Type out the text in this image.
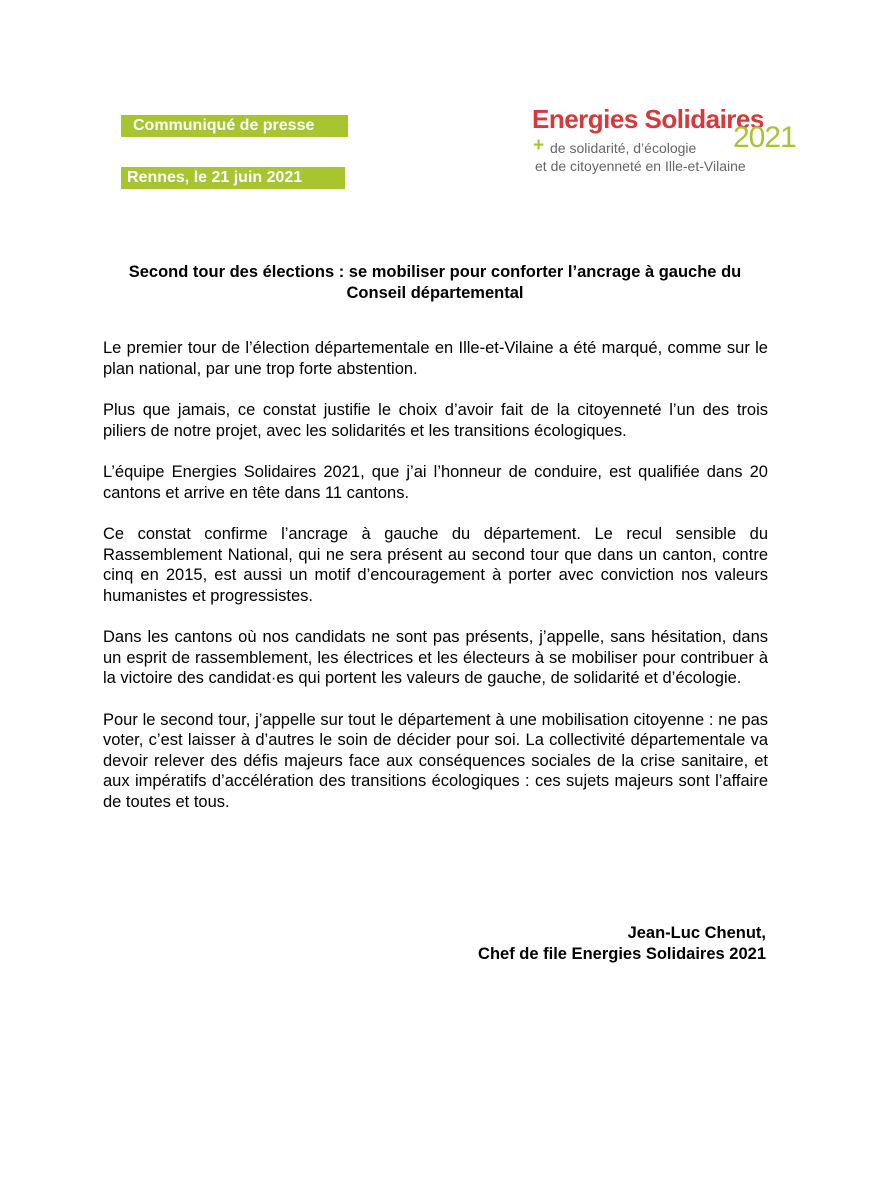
Communiqué de presse
Rennes, le 21 juin 2021
Energies Solidaires
2021
+ de solidarité, d’écologie
et de citoyenneté en Ille-et-Vilaine
Second tour des élections : se mobiliser pour conforter l’ancrage à gauche du
Conseil départemental

Le premier tour de l’élection départementale en Ille-et-Vilaine a été marqué, comme sur le plan national, par une trop forte abstention.

Plus que jamais, ce constat justifie le choix d’avoir fait de la citoyenneté l’un des trois piliers de notre projet, avec les solidarités et les transitions écologiques.

L’équipe Energies Solidaires 2021, que j’ai l’honneur de conduire, est qualifiée dans 20 cantons et arrive en tête dans 11 cantons.

Ce constat confirme l’ancrage à gauche du département. Le recul sensible du Rassemblement National, qui ne sera présent au second tour que dans un canton, contre cinq en 2015, est aussi un motif d’encouragement à porter avec conviction nos valeurs humanistes et progressistes.

Dans les cantons où nos candidats ne sont pas présents, j’appelle, sans hésitation, dans un esprit de rassemblement, les électrices et les électeurs à se mobiliser pour contribuer à la victoire des candidat·es qui portent les valeurs de gauche, de solidarité et d’écologie.

Pour le second tour, j’appelle sur tout le département à une mobilisation citoyenne : ne pas voter, c’est laisser à d’autres le soin de décider pour soi. La collectivité départementale va devoir relever des défis majeurs face aux conséquences sociales de la crise sanitaire, et aux impératifs d’accélération des transitions écologiques : ces sujets majeurs sont l’affaire de toutes et tous.

Jean-Luc Chenut,
Chef de file Energies Solidaires 2021
